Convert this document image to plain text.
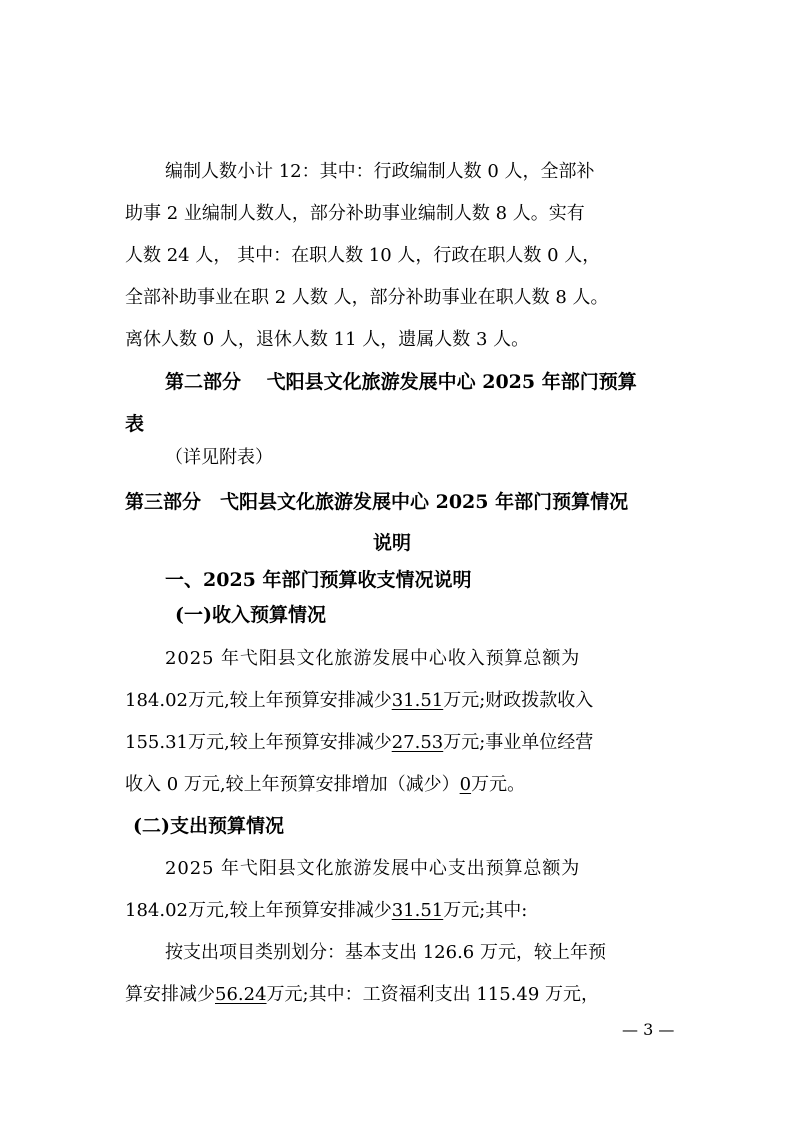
编制人数小计 12：其中：行政编制人数 0 人，全部补
助事 2 业编制人数人，部分补助事业编制人数 8 人。实有
人数 24 人， 其中：在职人数 10 人，行政在职人数 0 人，
全部补助事业在职 2 人数 人，部分补助事业在职人数 8 人。
离休人数 0 人，退休人数 11 人，遗属人数 3 人。
第二部分　 弋阳县文化旅游发展中心 2025 年部门预算
表
（详见附表）
第三部分　弋阳县文化旅游发展中心 2025 年部门预算情况
说明
一、2025 年部门预算收支情况说明
(一)收入预算情况
2025 年弋阳县文化旅游发展中心收入预算总额为
184.02万元,较上年预算安排减少31.51万元;财政拨款收入
155.31万元,较上年预算安排减少27.53万元;事业单位经营
收入 0 万元,较上年预算安排增加（减少）0万元。
(二)支出预算情况
2025 年弋阳县文化旅游发展中心支出预算总额为
184.02万元,较上年预算安排减少31.51万元;其中:
按支出项目类别划分：基本支出 126.6 万元，较上年预
算安排减少56.24万元;其中：工资福利支出 115.49 万元，
— 3 —
